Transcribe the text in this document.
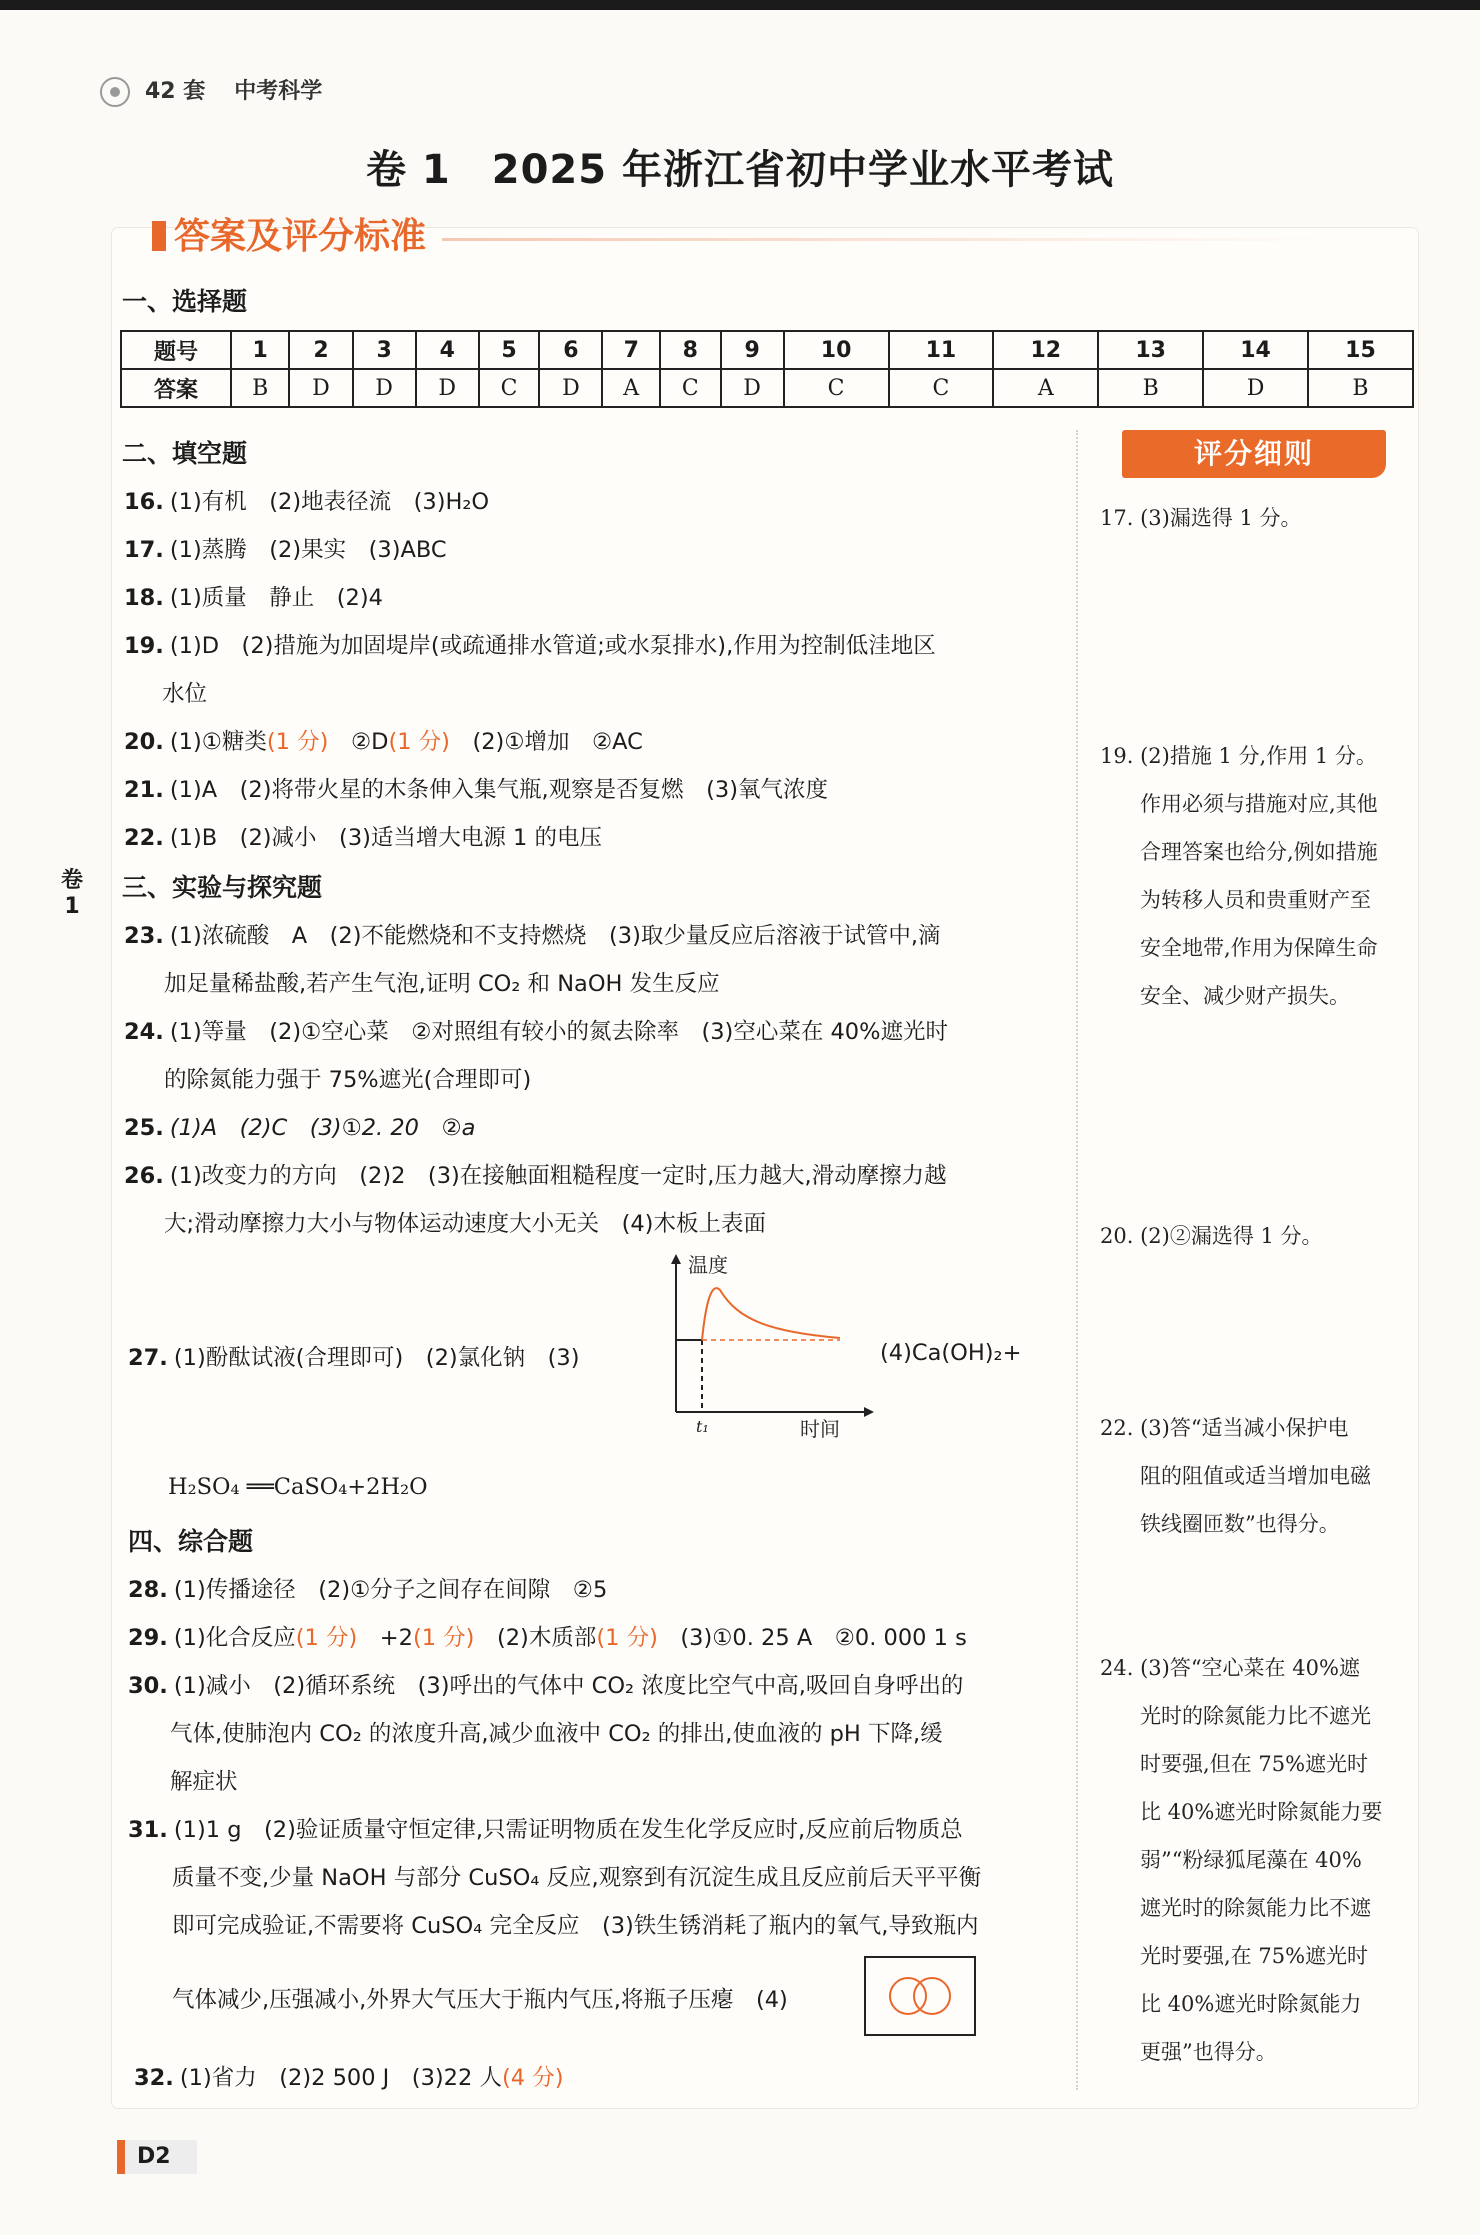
42 套 中考科学
卷 1　2025 年浙江省初中学业水平考试
答案及评分标准
一、选择题
题号	1	2	3	4	5	6	7	8	9	10	11	12	13	14	15
答案	B	D	D	D	C	D	A	C	D	C	C	A	B	D	B
二、填空题
16. (1)有机　(2)地表径流　(3)H₂O
17. (1)蒸腾　(2)果实　(3)ABC
18. (1)质量　静止　(2)4
19. (1)D　(2)措施为加固堤岸(或疏通排水管道;或水泵排水),作用为控制低洼地区
水位
20. (1)①糖类(1 分)　②D(1 分)　(2)①增加　②AC
21. (1)A　(2)将带火星的木条伸入集气瓶,观察是否复燃　(3)氧气浓度
22. (1)B　(2)减小　(3)适当增大电源 1 的电压
三、实验与探究题
23. (1)浓硫酸　A　(2)不能燃烧和不支持燃烧　(3)取少量反应后溶液于试管中,滴
加足量稀盐酸,若产生气泡,证明 CO₂ 和 NaOH 发生反应
24. (1)等量　(2)①空心菜　②对照组有较小的氮去除率　(3)空心菜在 40%遮光时
的除氮能力强于 75%遮光(合理即可)
25. (1)A　(2)C　(3)①2. 20　②a
26. (1)改变力的方向　(2)2　(3)在接触面粗糙程度一定时,压力越大,滑动摩擦力越
大;滑动摩擦力大小与物体运动速度大小无关　(4)木板上表面
27. (1)酚酞试液(合理即可)　(2)氯化钠　(3)
温度
t₁	时间
(4)Ca(OH)₂+
H₂SO₄ ══CaSO₄+2H₂O
四、综合题
28. (1)传播途径　(2)①分子之间存在间隙　②5
29. (1)化合反应(1 分)　+2(1 分)　(2)木质部(1 分)　(3)①0. 25 A　②0. 000 1 s
30. (1)减小　(2)循环系统　(3)呼出的气体中 CO₂ 浓度比空气中高,吸回自身呼出的
气体,使肺泡内 CO₂ 的浓度升高,减少血液中 CO₂ 的排出,使血液的 pH 下降,缓
解症状
31. (1)1 g　(2)验证质量守恒定律,只需证明物质在发生化学反应时,反应前后物质总
质量不变,少量 NaOH 与部分 CuSO₄ 反应,观察到有沉淀生成且反应前后天平平衡
即可完成验证,不需要将 CuSO₄ 完全反应　(3)铁生锈消耗了瓶内的氧气,导致瓶内
气体减少,压强减小,外界大气压大于瓶内气压,将瓶子压瘪　(4)
32. (1)省力　(2)2 500 J　(3)22 人(4 分)
卷
1
评分细则
17. (3)漏选得 1 分。
19. (2)措施 1 分,作用 1 分。
作用必须与措施对应,其他
合理答案也给分,例如措施
为转移人员和贵重财产至
安全地带,作用为保障生命
安全、减少财产损失。
20. (2)②漏选得 1 分。
22. (3)答“适当减小保护电
阻的阻值或适当增加电磁
铁线圈匝数”也得分。
24. (3)答“空心菜在 40%遮
光时的除氮能力比不遮光
时要强,但在 75%遮光时
比 40%遮光时除氮能力要
弱”“粉绿狐尾藻在 40%
遮光时的除氮能力比不遮
光时要强,在 75%遮光时
比 40%遮光时除氮能力
更强”也得分。
D2
